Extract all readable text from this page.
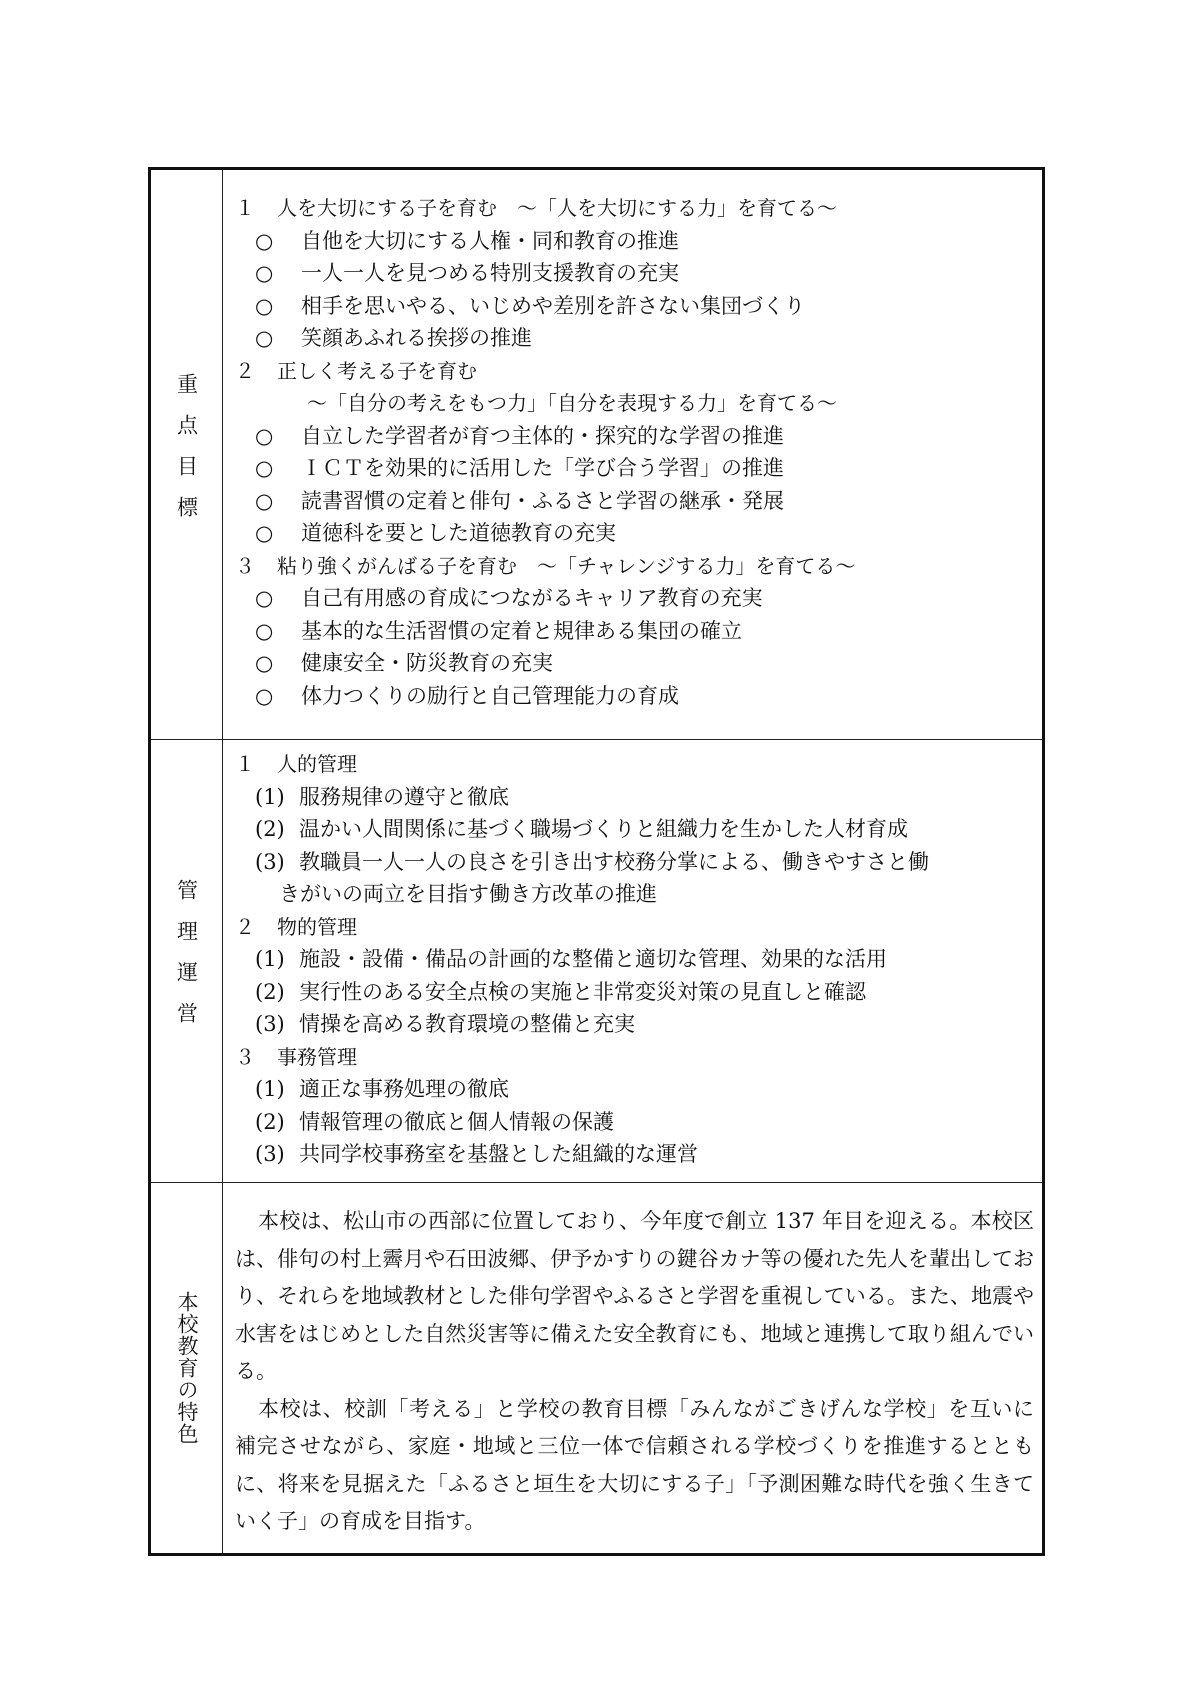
重点目標
１ 人を大切にする子を育む　～「人を大切にする力」を育てる～
○ 自他を大切にする人権・同和教育の推進
○ 一人一人を見つめる特別支援教育の充実
○ 相手を思いやる、いじめや差別を許さない集団づくり
○ 笑顔あふれる挨拶の推進
２ 正しく考える子を育む
～「自分の考えをもつ力」「自分を表現する力」を育てる～
○ 自立した学習者が育つ主体的・探究的な学習の推進
○ ＩＣＴを効果的に活用した「学び合う学習」の推進
○ 読書習慣の定着と俳句・ふるさと学習の継承・発展
○ 道徳科を要とした道徳教育の充実
３ 粘り強くがんばる子を育む　～「チャレンジする力」を育てる～
○ 自己有用感の育成につながるキャリア教育の充実
○ 基本的な生活習慣の定着と規律ある集団の確立
○ 健康安全・防災教育の充実
○ 体力つくりの励行と自己管理能力の育成
管理運営
１ 人的管理
(1) 服務規律の遵守と徹底
(2) 温かい人間関係に基づく職場づくりと組織力を生かした人材育成
(3) 教職員一人一人の良さを引き出す校務分掌による、働きやすさと働
きがいの両立を目指す働き方改革の推進
２ 物的管理
(1) 施設・設備・備品の計画的な整備と適切な管理、効果的な活用
(2) 実行性のある安全点検の実施と非常変災対策の見直しと確認
(3) 情操を高める教育環境の整備と充実
３ 事務管理
(1) 適正な事務処理の徹底
(2) 情報管理の徹底と個人情報の保護
(3) 共同学校事務室を基盤とした組織的な運営
本校教育の特色

本校は、松山市の西部に位置しており、今年度で創立 137 年目を迎える。本校区は、俳句の村上霽月や石田波郷、伊予かすりの鍵谷カナ等の優れた先人を輩出しており、それらを地域教材とした俳句学習やふるさと学習を重視している。また、地震や水害をはじめとした自然災害等に備えた安全教育にも、地域と連携して取り組んでいる。

本校は、校訓「考える」と学校の教育目標「みんながごきげんな学校」を互いに補完させながら、家庭・地域と三位一体で信頼される学校づくりを推進するとともに、将来を見据えた「ふるさと垣生を大切にする子」「予測困難な時代を強く生きていく子」の育成を目指す。
